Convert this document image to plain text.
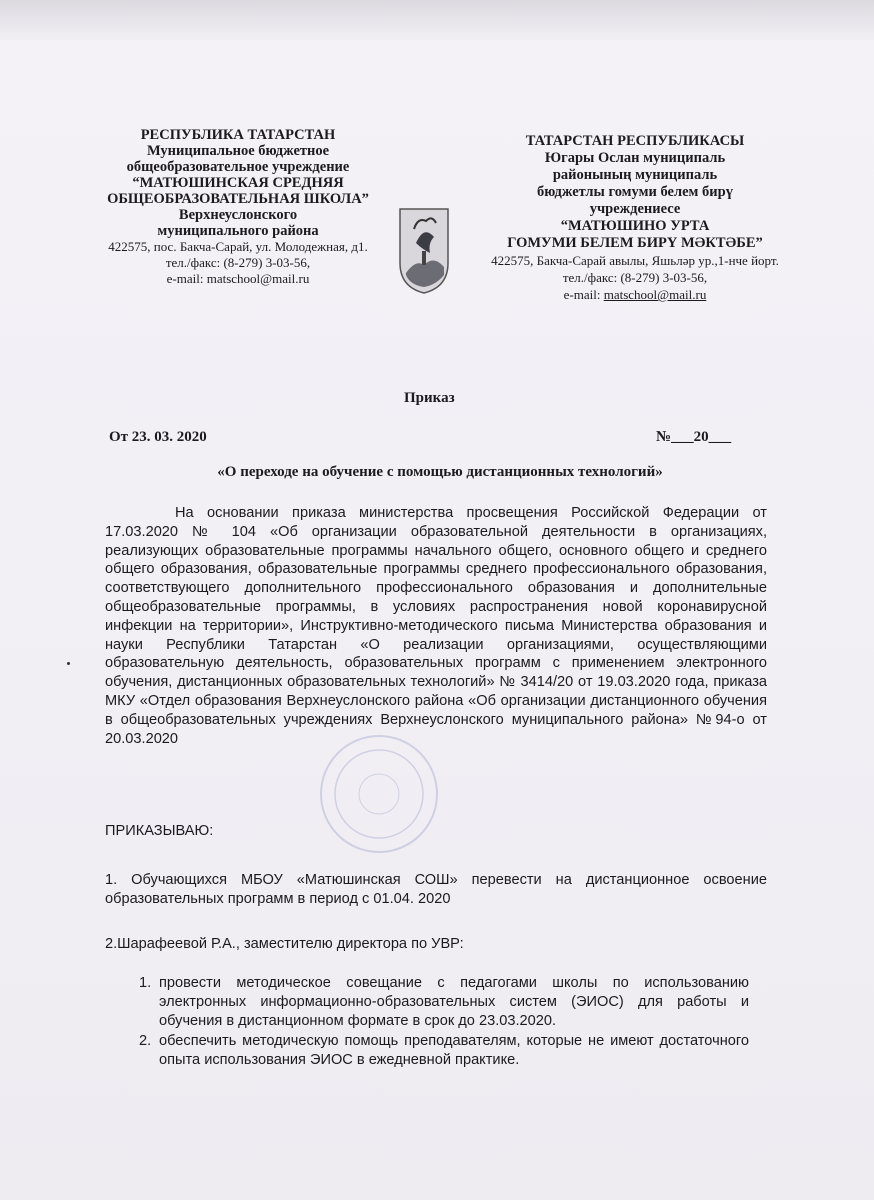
РЕСПУБЛИКА ТАТАРСТАН
Муниципальное бюджетное
общеобразовательное учреждение
“МАТЮШИНСКАЯ СРЕДНЯЯ
ОБЩЕОБРАЗОВАТЕЛЬНАЯ ШКОЛА”
Верхнеуслонского
муниципального района
422575, пос. Бакча-Сарай, ул. Молодежная, д1.
тел./факс: (8-279) 3-03-56,
e-mail: matschool@mail.ru
ТАТАРСТАН РЕСПУБЛИКАСЫ
Югары Ослан муниципаль
районының муниципаль
бюджетлы гомуми белем бирү
учреждениесе
“МАТЮШИНО УРТА
ГОМУМИ БЕЛЕМ БИРҮ МӘКТӘБЕ”
422575, Бакча-Сарай авылы, Яшьләр ур.,1-нче йорт.
тел./факс: (8-279) 3-03-56,
e-mail: matschool@mail.ru
Приказ
От 23. 03. 2020	№___20___
«О переходе на обучение с помощью дистанционных технологий»
На основании приказа министерства просвещения Российской Федерации от 17.03.2020 № 104 «Об организации образовательной деятельности в организациях, реализующих образовательные программы начального общего, основного общего и среднего общего образования, образовательные программы среднего профессионального образования, соответствующего дополнительного профессионального образования и дополнительные общеобразовательные программы, в условиях распространения новой коронавирусной инфекции на территории», Инструктивно-методического письма Министерства образования и науки Республики Татарстан «О реализации организациями, осуществляющими образовательную деятельность, образовательных программ с применением электронного обучения, дистанционных образовательных технологий» № 3414/20 от 19.03.2020 года, приказа МКУ «Отдел образования Верхнеуслонского района «Об организации дистанционного обучения в общеобразовательных учреждениях Верхнеуслонского муниципального района» №94-о от 20.03.2020
ПРИКАЗЫВАЮ:
1. Обучающихся МБОУ «Матюшинская СОШ» перевести на дистанционное освоение образовательных программ в период с 01.04. 2020
2.Шарафеевой Р.А., заместителю директора по УВР:
1. провести методическое совещание с педагогами школы по использованию электронных информационно-образовательных систем (ЭИОС) для работы и обучения в дистанционном формате в срок до 23.03.2020.
2. обеспечить методическую помощь преподавателям, которые не имеют достаточного опыта использования ЭИОС в ежедневной практике.
